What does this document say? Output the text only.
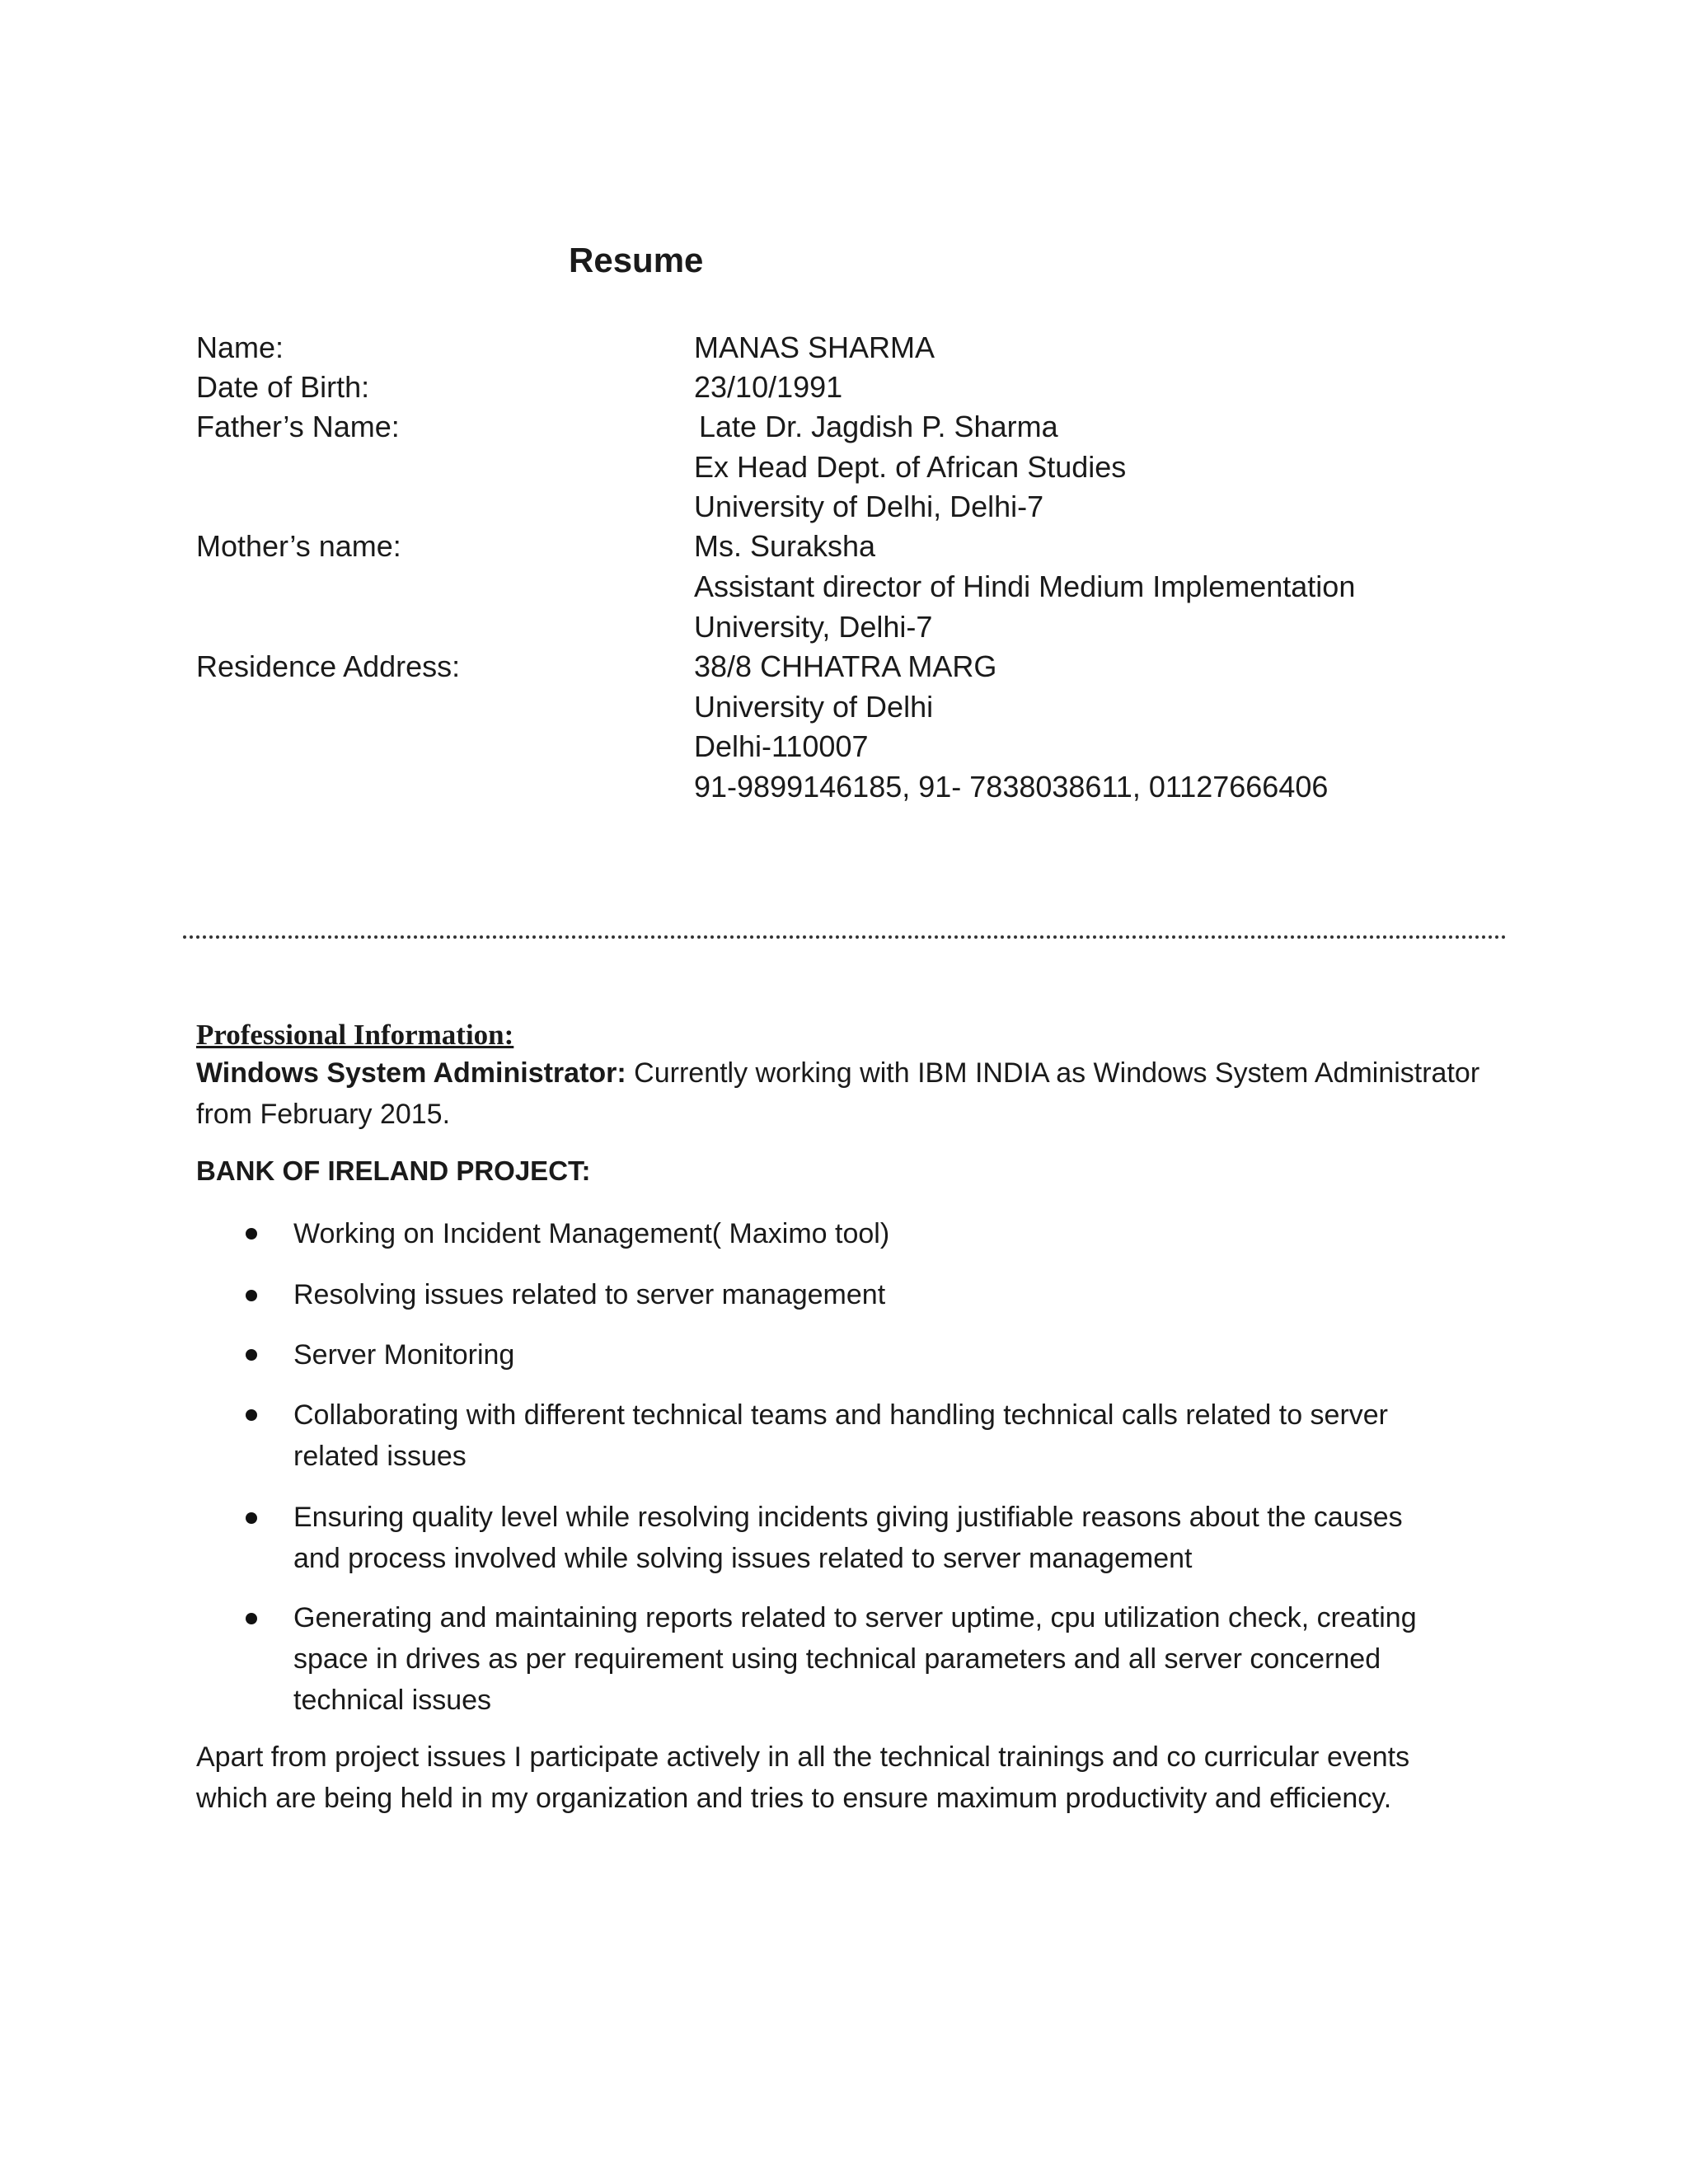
Resume
Name:
Date of Birth:
Father’s Name:
Mother’s name:
Residence Address:
MANAS SHARMA
23/10/1991
Late Dr. Jagdish P. Sharma
Ex Head Dept. of African Studies
University of Delhi, Delhi-7
Ms. Suraksha
Assistant director of Hindi Medium Implementation
University, Delhi-7
38/8 CHHATRA MARG
University of Delhi
Delhi-110007
91-9899146185, 91- 7838038611, 01127666406
Professional Information:
Windows System Administrator: Currently working with IBM INDIA as Windows System Administrator from February 2015.
BANK OF IRELAND PROJECT:
Working on Incident Management( Maximo tool)
Resolving issues related to server management
Server Monitoring
Collaborating with different technical teams and handling technical calls related to server related issues
Ensuring quality level while resolving incidents giving justifiable reasons about the causes and process involved while solving issues related to server management
Generating and maintaining reports related to server uptime, cpu utilization check, creating space in drives as per requirement using technical parameters and all server concerned technical issues
Apart from project issues I participate actively in all the technical trainings and co curricular events which are being held in my organization and tries to ensure maximum productivity and efficiency.
